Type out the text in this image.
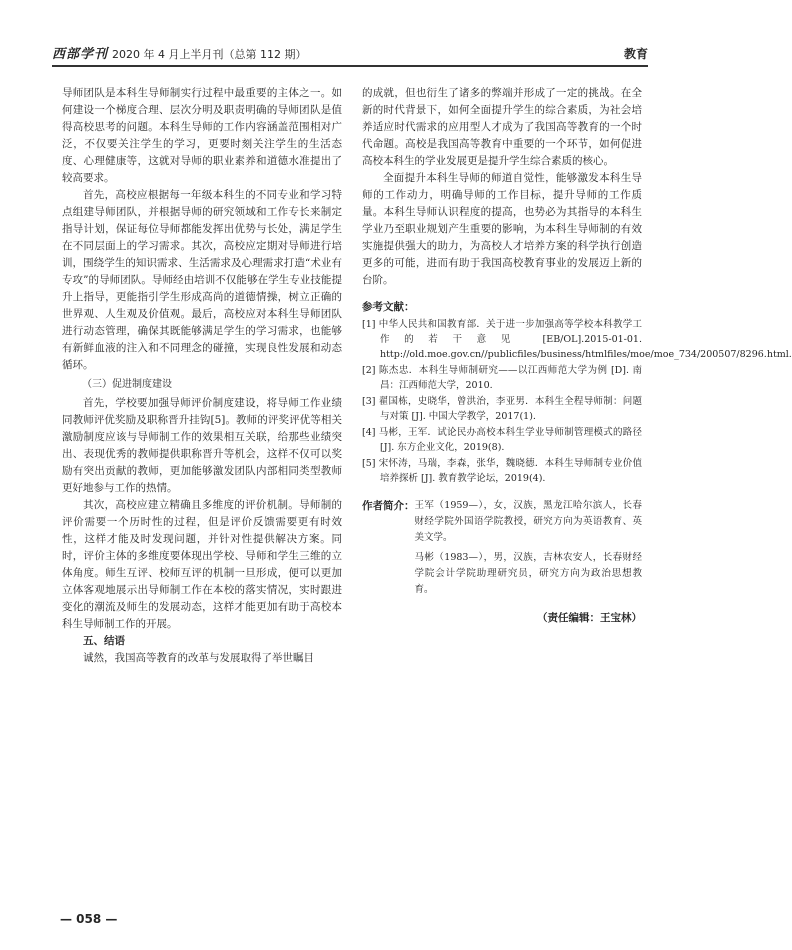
西部学刊 2020 年 4 月上半月刊（总第 112 期）	教育

导师团队是本科生导师制实行过程中最重要的主体之一。如何建设一个梯度合理、层次分明及职责明确的导师团队是值得高校思考的问题。本科生导师的工作内容涵盖范围相对广泛，不仅要关注学生的学习，更要时刻关注学生的生活态度、心理健康等，这就对导师的职业素养和道德水准提出了较高要求。

首先，高校应根据每一年级本科生的不同专业和学习特点组建导师团队，并根据导师的研究领域和工作专长来制定指导计划，保证每位导师都能发挥出优势与长处，满足学生在不同层面上的学习需求。其次，高校应定期对导师进行培训，围绕学生的知识需求、生活需求及心理需求打造“术业有专攻”的导师团队。导师经由培训不仅能够在学生专业技能提升上指导，更能指引学生形成高尚的道德情操，树立正确的世界观、人生观及价值观。最后，高校应对本科生导师团队进行动态管理，确保其既能够满足学生的学习需求，也能够有新鲜血液的注入和不同理念的碰撞，实现良性发展和动态循环。

（三）促进制度建设

首先，学校要加强导师评价制度建设，将导师工作业绩同教师评优奖励及职称晋升挂钩[5]。教师的评奖评优等相关激励制度应该与导师制工作的效果相互关联，给那些业绩突出、表现优秀的教师提供职称晋升等机会，这样不仅可以奖励有突出贡献的教师，更加能够激发团队内部相同类型教师更好地参与工作的热情。

其次，高校应建立精确且多维度的评价机制。导师制的评价需要一个历时性的过程，但是评价反馈需要更有时效性，这样才能及时发现问题，并针对性提供解决方案。同时，评价主体的多维度要体现出学校、导师和学生三维的立体角度。师生互评、校师互评的机制一旦形成，便可以更加立体客观地展示出导师制工作在本校的落实情况，实时跟进变化的潮流及师生的发展动态，这样才能更加有助于高校本科生导师制工作的开展。

五、结语

诚然，我国高等教育的改革与发展取得了举世瞩目

的成就，但也衍生了诸多的弊端并形成了一定的挑战。在全新的时代背景下，如何全面提升学生的综合素质，为社会培养适应时代需求的应用型人才成为了我国高等教育的一个时代命题。高校是我国高等教育中重要的一个环节，如何促进高校本科生的学业发展更是提升学生综合素质的核心。

全面提升本科生导师的师道自觉性，能够激发本科生导师的工作动力，明确导师的工作目标，提升导师的工作质量。本科生导师认识程度的提高，也势必为其指导的本科生学业乃至职业规划产生重要的影响，为本科生导师制的有效实施提供强大的助力，为高校人才培养方案的科学执行创造更多的可能，进而有助于我国高校教育事业的发展迈上新的台阶。

参考文献：
[1] 中华人民共和国教育部．关于进一步加强高等学校本科教学工作的若干意见 [EB/OL].2015-01-01. http://old.moe.gov.cn//publicfiles/business/htmlfiles/moe/moe_734/200507/8296.html.
[2] 陈杰忠．本科生导师制研究——以江西师范大学为例 [D]. 南昌：江西师范大学，2010.
[3] 翟国栋，史晓华，曾洪治，李亚男．本科生全程导师制：问题与对策 [J]. 中国大学教学，2017(1).
[4] 马彬，王军．试论民办高校本科生学业导师制管理模式的路径 [J]. 东方企业文化，2019(8).
[5] 宋怀涛，马瑞，李森，张华，魏晓德．本科生导师制专业价值培养探析 [J]. 教育教学论坛，2019(4).
作者简介： 王军（1959—），女，汉族，黑龙江哈尔滨人，长春财经学院外国语学院教授，研究方向为英语教育、英美文学。
马彬（1983—），男，汉族，吉林农安人，长春财经学院会计学院助理研究员，研究方向为政治思想教育。
（责任编辑：王宝林）
— 058 —
